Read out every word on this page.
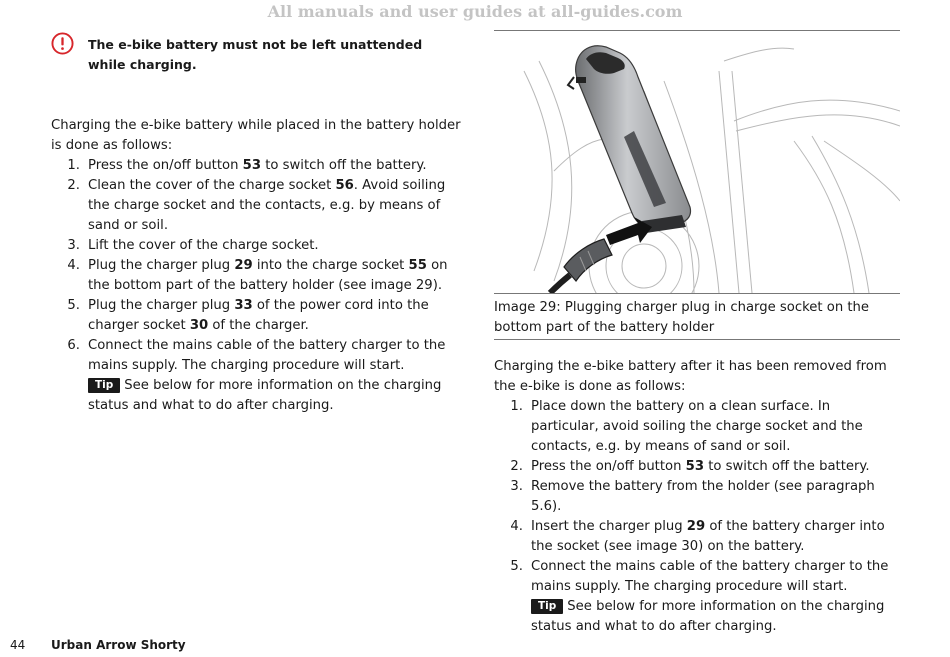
All manuals and user guides at all-guides.com
The e-bike battery must not be left unattended while charging.

Charging the e-bike battery while placed in the battery holder is done as follows:

1. Press the on/off button 53 to switch off the battery.
2. Clean the cover of the charge socket 56. Avoid soiling the charge socket and the contacts, e.g. by means of sand or soil.
3. Lift the cover of the charge socket.
4. Plug the charger plug 29 into the charge socket 55 on the bottom part of the battery holder (see image 29).
5. Plug the charger plug 33 of the power cord into the charger socket 30 of the charger.
6. Connect the mains cable of the battery charger to the mains supply. The charging procedure will start.
Tip See below for more information on the charging status and what to do after charging.

Image 29: Plugging charger plug in charge socket on the bottom part of the battery holder

Charging the e-bike battery after it has been removed from the e-bike is done as follows:

1. Place down the battery on a clean surface. In particular, avoid soiling the charge socket and the contacts, e.g. by means of sand or soil.
2. Press the on/off button 53 to switch off the battery.
3. Remove the battery from the holder (see paragraph 5.6).
4. Insert the charger plug 29 of the battery charger into the socket (see image 30) on the battery.
5. Connect the mains cable of the battery charger to the mains supply. The charging procedure will start.
Tip See below for more information on the charging status and what to do after charging.
44 Urban Arrow Shorty
